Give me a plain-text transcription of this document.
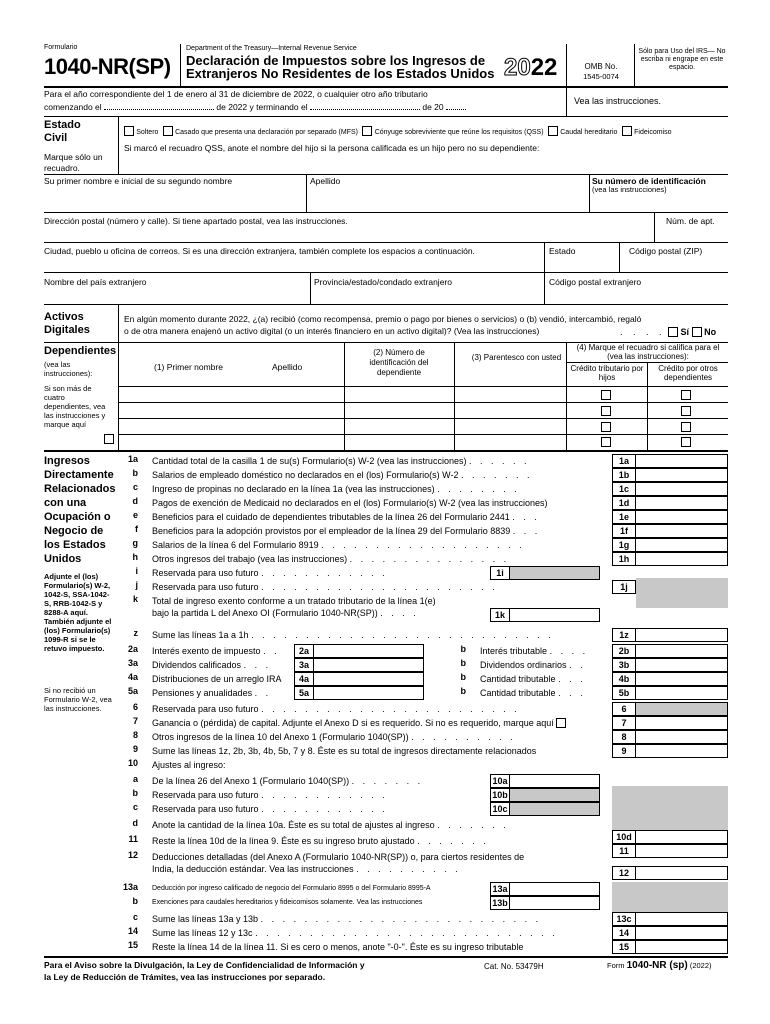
Formulario
1040-NR(SP)
Department of the Treasury—Internal Revenue Service
Declaración de Impuestos sobre los Ingresos de
Extranjeros No Residentes de los Estados Unidos 2022	OMB No.
1545-0074
Sólo para Uso del IRS— No escriba ni engrape en este espacio.
Para el año correspondiente del 1 de enero al 31 de diciembre de 2022, o cualquier otro año tributario
comenzando el	de 2022 y terminando el	de 20
Vea las instrucciones.
Estado
Civil
Marque sólo un recuadro.
Soltero Casado que presenta una declaración por separado (MFS) Cónyuge sobreviviente que reúne los requisitos (QSS) Caudal hereditario Fideicomiso
Si marcó el recuadro QSS, anote el nombre del hijo si la persona calificada es un hijo pero no su dependiente:
Su primer nombre e inicial de su segundo nombre	Apellido	Su número de identificación
(vea las instrucciones)
Dirección postal (número y calle). Si tiene apartado postal, vea las instrucciones.	Núm. de apt.
Ciudad, pueblo u oficina de correos. Si es una dirección extranjera, también complete los espacios a continuación.	Estado	Código postal (ZIP)
Nombre del país extranjero	Provincia/estado/condado extranjero	Código postal extranjero
Activos
Digitales
En algún momento durante 2022, ¿(a) recibió (como recompensa, premio o pago por bienes o servicios) o (b) vendió, intercambió, regaló
o de otra manera enajenó un activo digital (o un interés financiero en un activo digital)? (Vea las instrucciones)	. . . . Sí No
Dependientes
(vea las instrucciones):
Si son más de cuatro dependientes, vea las instrucciones y marque aquí
(1) Primer nombre	Apellido
(2) Número de identificación del dependiente
(3) Parentesco con usted
(4) Marque el recuadro si califica para el (vea las instrucciones):
Crédito tributario por hijos
Crédito por otros dependientes
Ingresos Directamente Relacionados con una Ocupación o Negocio de los Estados Unidos
Adjunte el (los) Formulario(s) W-2, 1042-S, SSA-1042-S, RRB-1042-S y 8288-A aquí. También adjunte el (los) Formulario(s) 1099-R si se le retuvo impuesto.
Si no recibió un Formulario W-2, vea las instrucciones.
1a Cantidad total de la casilla 1 de su(s) Formulario(s) W-2 (vea las instrucciones) . . . . . .	1a
b Salarios de empleado doméstico no declarados en el (los) Formulario(s) W-2 . . . . . . .	1b
c Ingreso de propinas no declarado en la línea 1a (vea las instrucciones) . . . . . . . .	1c
d Pagos de exención de Medicaid no declarados en el (los) Formulario(s) W-2 (vea las instrucciones)	1d
e Beneficios para el cuidado de dependientes tributables de la línea 26 del Formulario 2441 . . .	1e
f Beneficios para la adopción provistos por el empleador de la línea 29 del Formulario 8839 . . .	1f
g Salarios de la línea 6 del Formulario 8919 . . . . . . . . . . . . . . . . . . .	1g
h Otros ingresos del trabajo (vea las instrucciones) . . . . . . . . . . . . . . .	1h
i Reservada para uso futuro . . . . . . . . . . . .	1i
j Reservada para uso futuro . . . . . . . . . . . . . . . . . . . . . .	1j
k Total de ingreso exento conforme a un tratado tributario de la línea 1(e)
bajo la partida L del Anexo OI (Formulario 1040-NR(SP)) . . . .	1k
z Sume las líneas 1a a 1h . . . . . . . . . . . . . . . . . . . . . . . . . . . .	1z
2a Interés exento de impuesto . .	2a	b Interés tributable . . . .	2b
3a Dividendos calificados . . .	3a	b Dividendos ordinarios . .	3b
4a Distribuciones de un arreglo IRA	4a	b Cantidad tributable . . .	4b
5a Pensiones y anualidades . .	5a	b Cantidad tributable . . .	5b
6 Reservada para uso futuro . . . . . . . . . . . . . . . . . . . . . . . .	6
7 Ganancia o (pérdida) de capital. Adjunte el Anexo D si es requerido. Si no es requerido, marque aquí	7
8 Otros ingresos de la línea 10 del Anexo 1 (Formulario 1040(SP)) . . . . . . . . . .	8
9 Sume las líneas 1z, 2b, 3b, 4b, 5b, 7 y 8. Éste es su total de ingresos directamente relacionados	9
10 Ajustes al ingreso:
a De la línea 26 del Anexo 1 (Formulario 1040(SP)) . . . . . . .	10a
b Reservada para uso futuro . . . . . . . . . . . .	10b
c Reservada para uso futuro . . . . . . . . . . . .	10c
d Anote la cantidad de la línea 10a. Éste es su total de ajustes al ingreso . . . . . . .
10d
11 Reste la línea 10d de la línea 9. Éste es su ingreso bruto ajustado . . . . . . .
11
12 Deducciones detalladas (del Anexo A (Formulario 1040-NR(SP)) o, para ciertos residentes de
India, la deducción estándar. Vea las instrucciones . . . . . . . . . .	12
13a Deducción por ingreso calificado de negocio del Formulario 8995 o del Formulario 8995-A	13a
b Exenciones para caudales hereditarios y fideicomisos solamente. Vea las instrucciones	13b
c Sume las líneas 13a y 13b . . . . . . . . . . . . . . . . . . . . . . . . . .	13c
14 Sume las líneas 12 y 13c . . . . . . . . . . . . . . . . . . . . . . . . . . . .	14
15 Reste la línea 14 de la línea 11. Si es cero o menos, anote "-0-". Éste es su ingreso tributable	15
Para el Aviso sobre la Divulgación, la Ley de Confidencialidad de Información y
la Ley de Reducción de Trámites, vea las instrucciones por separado.
Cat. No. 53479H	Form 1040-NR (sp) (2022)
